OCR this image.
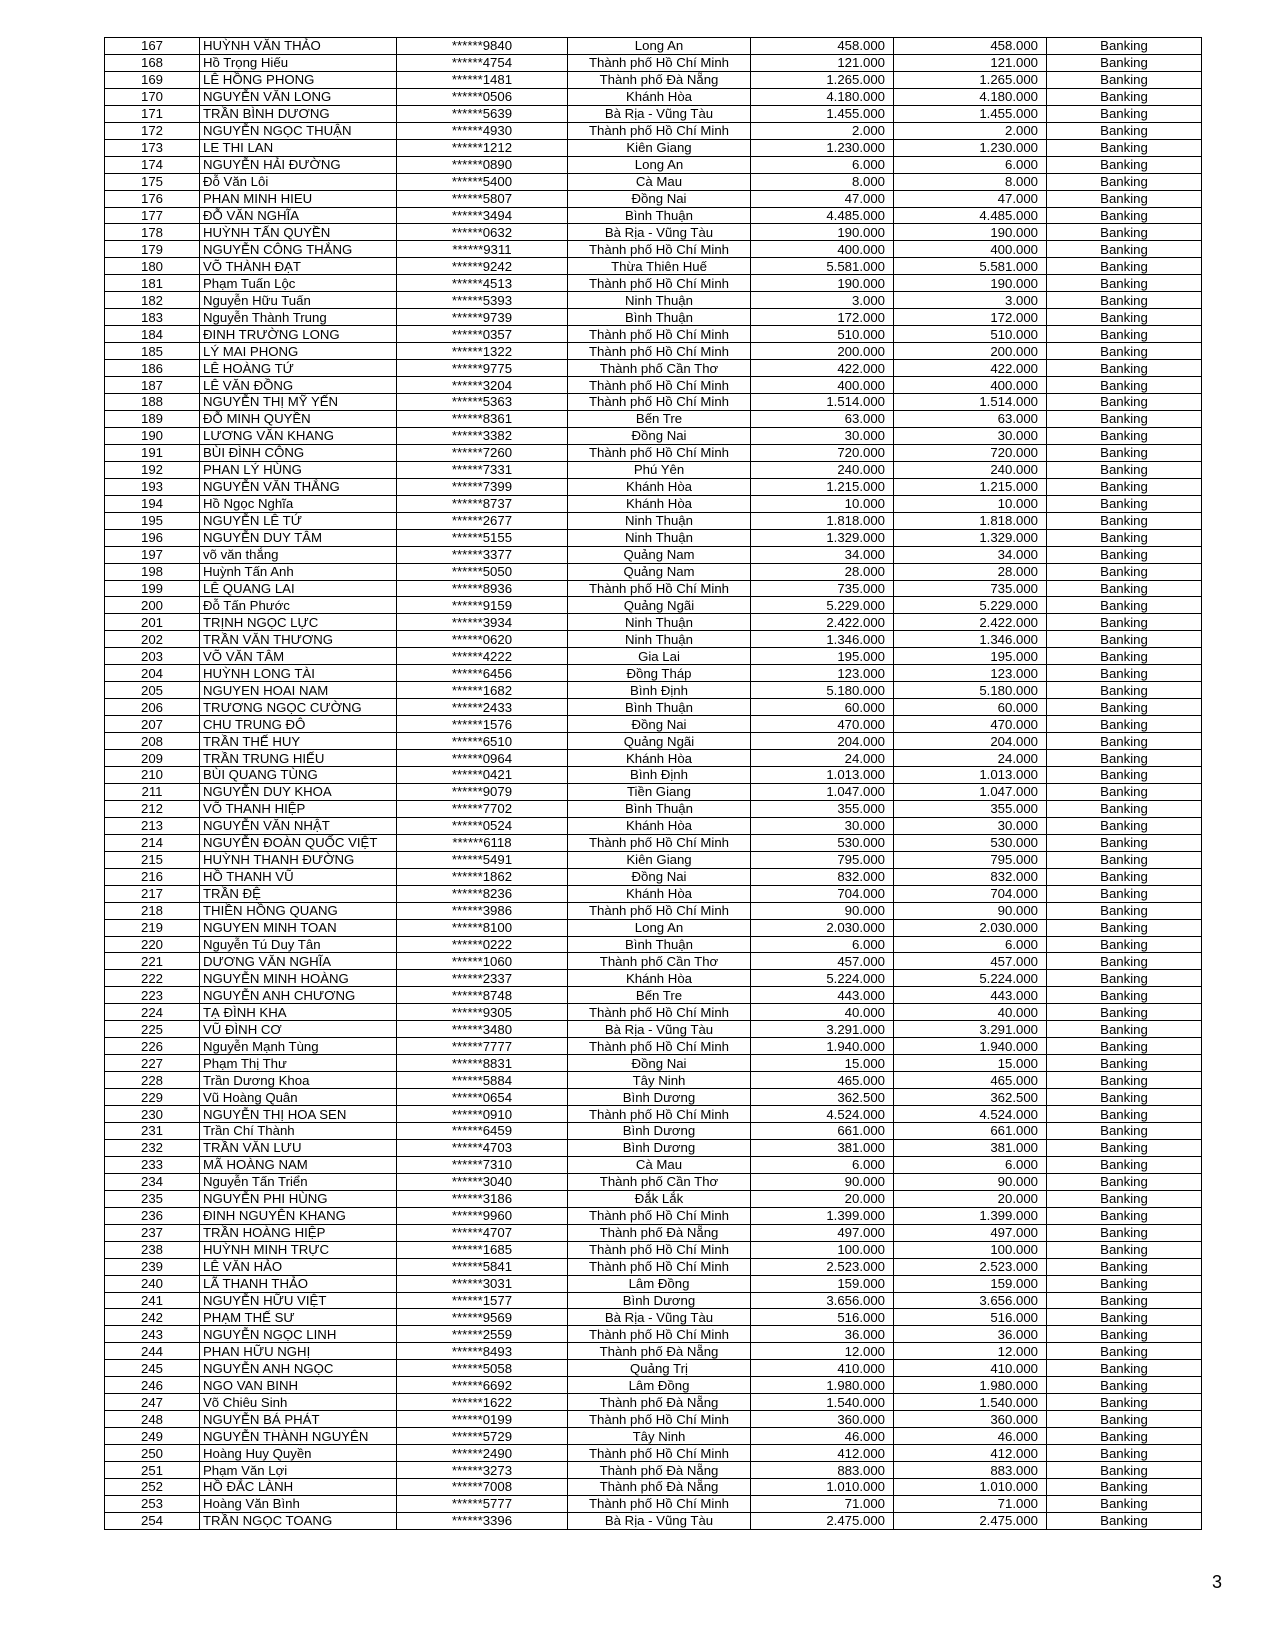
167	HUỲNH VĂN THẢO	******9840	Long An	458.000	458.000	Banking
168	Hồ Trọng Hiếu	******4754	Thành phố Hồ Chí Minh	121.000	121.000	Banking
169	LÊ HỒNG PHONG	******1481	Thành phố Đà Nẵng	1.265.000	1.265.000	Banking
170	NGUYỄN VĂN LONG	******0506	Khánh Hòa	4.180.000	4.180.000	Banking
171	TRẦN BÌNH DƯƠNG	******5639	Bà Rịa - Vũng Tàu	1.455.000	1.455.000	Banking
172	NGUYỄN NGỌC THUẬN	******4930	Thành phố Hồ Chí Minh	2.000	2.000	Banking
173	LE THI LAN	******1212	Kiên Giang	1.230.000	1.230.000	Banking
174	NGUYỄN HẢI ĐƯỜNG	******0890	Long An	6.000	6.000	Banking
175	Đỗ Văn Lôi	******5400	Cà Mau	8.000	8.000	Banking
176	PHAN MINH HIEU	******5807	Đồng Nai	47.000	47.000	Banking
177	ĐỖ VĂN NGHĨA	******3494	Bình Thuận	4.485.000	4.485.000	Banking
178	HUỲNH TẤN QUYỀN	******0632	Bà Rịa - Vũng Tàu	190.000	190.000	Banking
179	NGUYỄN CÔNG THẮNG	******9311	Thành phố Hồ Chí Minh	400.000	400.000	Banking
180	VÕ THÀNH ĐẠT	******9242	Thừa Thiên Huế	5.581.000	5.581.000	Banking
181	Phạm Tuấn Lộc	******4513	Thành phố Hồ Chí Minh	190.000	190.000	Banking
182	Nguyễn Hữu Tuấn	******5393	Ninh Thuận	3.000	3.000	Banking
183	Nguyễn Thành Trung	******9739	Bình Thuận	172.000	172.000	Banking
184	ĐINH TRƯỜNG LONG	******0357	Thành phố Hồ Chí Minh	510.000	510.000	Banking
185	LÝ MAI PHONG	******1322	Thành phố Hồ Chí Minh	200.000	200.000	Banking
186	LÊ HOÀNG TỨ	******9775	Thành phố Cần Thơ	422.000	422.000	Banking
187	LÊ VĂN ĐỒNG	******3204	Thành phố Hồ Chí Minh	400.000	400.000	Banking
188	NGUYỄN THỊ MỸ YẾN	******5363	Thành phố Hồ Chí Minh	1.514.000	1.514.000	Banking
189	ĐỖ MINH QUYỀN	******8361	Bến Tre	63.000	63.000	Banking
190	LƯƠNG VĂN KHANG	******3382	Đồng Nai	30.000	30.000	Banking
191	BÙI ĐÌNH CÔNG	******7260	Thành phố Hồ Chí Minh	720.000	720.000	Banking
192	PHAN LÝ HÙNG	******7331	Phú Yên	240.000	240.000	Banking
193	NGUYỄN VĂN THẮNG	******7399	Khánh Hòa	1.215.000	1.215.000	Banking
194	Hồ Ngọc Nghĩa	******8737	Khánh Hòa	10.000	10.000	Banking
195	NGUYỄN LÊ TỨ	******2677	Ninh Thuận	1.818.000	1.818.000	Banking
196	NGUYỄN DUY TÂM	******5155	Ninh Thuận	1.329.000	1.329.000	Banking
197	võ văn thắng	******3377	Quảng Nam	34.000	34.000	Banking
198	Huỳnh Tấn Anh	******5050	Quảng Nam	28.000	28.000	Banking
199	LÊ QUANG LAI	******8936	Thành phố Hồ Chí Minh	735.000	735.000	Banking
200	Đỗ Tấn Phước	******9159	Quảng Ngãi	5.229.000	5.229.000	Banking
201	TRỊNH NGỌC LỰC	******3934	Ninh Thuận	2.422.000	2.422.000	Banking
202	TRẦN VĂN THƯƠNG	******0620	Ninh Thuận	1.346.000	1.346.000	Banking
203	VÕ VĂN TÂM	******4222	Gia Lai	195.000	195.000	Banking
204	HUỲNH LONG TÀI	******6456	Đồng Tháp	123.000	123.000	Banking
205	NGUYEN HOAI NAM	******1682	Bình Định	5.180.000	5.180.000	Banking
206	TRƯƠNG NGỌC CƯỜNG	******2433	Bình Thuận	60.000	60.000	Banking
207	CHU TRUNG ĐÔ	******1576	Đồng Nai	470.000	470.000	Banking
208	TRẦN THẾ HUY	******6510	Quảng Ngãi	204.000	204.000	Banking
209	TRẦN TRUNG HIẾU	******0964	Khánh Hòa	24.000	24.000	Banking
210	BÙI QUANG TÙNG	******0421	Bình Định	1.013.000	1.013.000	Banking
211	NGUYỄN DUY KHOA	******9079	Tiền Giang	1.047.000	1.047.000	Banking
212	VÕ THANH HIỆP	******7702	Bình Thuận	355.000	355.000	Banking
213	NGUYỄN VĂN NHẬT	******0524	Khánh Hòa	30.000	30.000	Banking
214	NGUYỄN ĐOÀN QUỐC VIỆT	******6118	Thành phố Hồ Chí Minh	530.000	530.000	Banking
215	HUỲNH THANH ĐƯỜNG	******5491	Kiên Giang	795.000	795.000	Banking
216	HỒ THANH VŨ	******1862	Đồng Nai	832.000	832.000	Banking
217	TRẦN ĐỆ	******8236	Khánh Hòa	704.000	704.000	Banking
218	THIỀN HỒNG QUANG	******3986	Thành phố Hồ Chí Minh	90.000	90.000	Banking
219	NGUYEN MINH TOAN	******8100	Long An	2.030.000	2.030.000	Banking
220	Nguyễn Tú Duy Tân	******0222	Bình Thuận	6.000	6.000	Banking
221	DƯƠNG VĂN NGHĨA	******1060	Thành phố Cần Thơ	457.000	457.000	Banking
222	NGUYỄN MINH HOÀNG	******2337	Khánh Hòa	5.224.000	5.224.000	Banking
223	NGUYỄN ANH CHƯƠNG	******8748	Bến Tre	443.000	443.000	Banking
224	TẠ ĐÌNH KHA	******9305	Thành phố Hồ Chí Minh	40.000	40.000	Banking
225	VŨ ĐÌNH CƠ	******3480	Bà Rịa - Vũng Tàu	3.291.000	3.291.000	Banking
226	Nguyễn Mạnh Tùng	******7777	Thành phố Hồ Chí Minh	1.940.000	1.940.000	Banking
227	Phạm Thị Thư	******8831	Đồng Nai	15.000	15.000	Banking
228	Trần Dương Khoa	******5884	Tây Ninh	465.000	465.000	Banking
229	Vũ Hoàng Quân	******0654	Bình Dương	362.500	362.500	Banking
230	NGUYỄN THỊ HOA SEN	******0910	Thành phố Hồ Chí Minh	4.524.000	4.524.000	Banking
231	Trần Chí Thành	******6459	Bình Dương	661.000	661.000	Banking
232	TRẦN VĂN LƯU	******4703	Bình Dương	381.000	381.000	Banking
233	MÃ HOÀNG NAM	******7310	Cà Mau	6.000	6.000	Banking
234	Nguyễn Tấn Triển	******3040	Thành phố Cần Thơ	90.000	90.000	Banking
235	NGUYỄN PHI HÙNG	******3186	Đắk Lắk	20.000	20.000	Banking
236	ĐINH NGUYÊN KHANG	******9960	Thành phố Hồ Chí Minh	1.399.000	1.399.000	Banking
237	TRẦN HOÀNG HIỆP	******4707	Thành phố Đà Nẵng	497.000	497.000	Banking
238	HUỲNH MINH TRỰC	******1685	Thành phố Hồ Chí Minh	100.000	100.000	Banking
239	LÊ VĂN HẢO	******5841	Thành phố Hồ Chí Minh	2.523.000	2.523.000	Banking
240	LÃ THANH THẢO	******3031	Lâm Đồng	159.000	159.000	Banking
241	NGUYỄN HỮU VIỆT	******1577	Bình Dương	3.656.000	3.656.000	Banking
242	PHẠM THẾ SƯ	******9569	Bà Rịa - Vũng Tàu	516.000	516.000	Banking
243	NGUYỄN NGỌC LINH	******2559	Thành phố Hồ Chí Minh	36.000	36.000	Banking
244	PHAN HỮU NGHỊ	******8493	Thành phố Đà Nẵng	12.000	12.000	Banking
245	NGUYỄN ANH NGỌC	******5058	Quảng Trị	410.000	410.000	Banking
246	NGO VAN BINH	******6692	Lâm Đồng	1.980.000	1.980.000	Banking
247	Võ Chiêu Sinh	******1622	Thành phố Đà Nẵng	1.540.000	1.540.000	Banking
248	NGUYỄN BÁ PHÁT	******0199	Thành phố Hồ Chí Minh	360.000	360.000	Banking
249	NGUYỄN THÀNH NGUYÊN	******5729	Tây Ninh	46.000	46.000	Banking
250	Hoàng Huy Quyền	******2490	Thành phố Hồ Chí Minh	412.000	412.000	Banking
251	Phạm Văn Lợi	******3273	Thành phố Đà Nẵng	883.000	883.000	Banking
252	HỒ ĐẮC LÀNH	******7008	Thành phố Đà Nẵng	1.010.000	1.010.000	Banking
253	Hoàng Văn Bình	******5777	Thành phố Hồ Chí Minh	71.000	71.000	Banking
254	TRẦN NGỌC TOANG	******3396	Bà Rịa - Vũng Tàu	2.475.000	2.475.000	Banking
3
